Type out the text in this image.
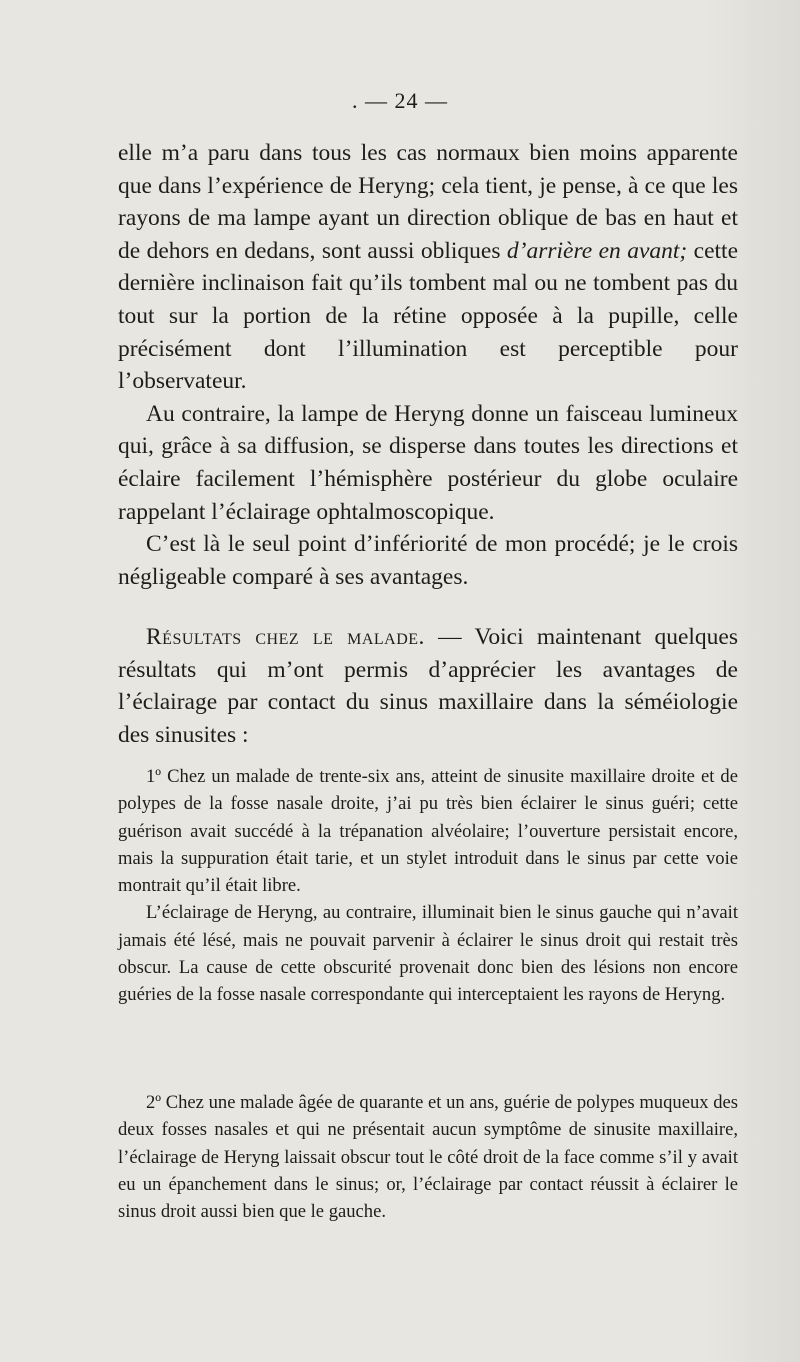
. — 24 —

elle m’a paru dans tous les cas normaux bien moins apparente que dans l’expérience de Heryng; cela tient, je pense, à ce que les rayons de ma lampe ayant un direction oblique de bas en haut et de dehors en dedans, sont aussi obliques d’arrière en avant; cette dernière inclinaison fait qu’ils tombent mal ou ne tombent pas du tout sur la portion de la rétine opposée à la pupille, celle précisément dont l’illumination est perceptible pour l’observateur.

Au contraire, la lampe de Heryng donne un faisceau lumineux qui, grâce à sa diffusion, se disperse dans toutes les directions et éclaire facilement l’hémisphère postérieur du globe oculaire rappelant l’éclairage ophtalmoscopique.

C’est là le seul point d’infériorité de mon procédé; je le crois négligeable comparé à ses avantages.

Résultats chez le malade. — Voici maintenant quelques résultats qui m’ont permis d’apprécier les avantages de l’éclairage par contact du sinus maxillaire dans la séméiologie des sinusites :

1º Chez un malade de trente-six ans, atteint de sinusite maxillaire droite et de polypes de la fosse nasale droite, j’ai pu très bien éclairer le sinus guéri; cette guérison avait succédé à la trépanation alvéolaire; l’ouverture persistait encore, mais la suppuration était tarie, et un stylet introduit dans le sinus par cette voie montrait qu’il était libre.

L’éclairage de Heryng, au contraire, illuminait bien le sinus gauche qui n’avait jamais été lésé, mais ne pouvait parvenir à éclairer le sinus droit qui restait très obscur. La cause de cette obscurité provenait donc bien des lésions non encore guéries de la fosse nasale correspondante qui interceptaient les rayons de Heryng.

2º Chez une malade âgée de quarante et un ans, guérie de polypes muqueux des deux fosses nasales et qui ne présentait aucun symptôme de sinusite maxillaire, l’éclairage de Heryng laissait obscur tout le côté droit de la face comme s’il y avait eu un épanchement dans le sinus; or, l’éclairage par contact réussit à éclairer le sinus droit aussi bien que le gauche.
